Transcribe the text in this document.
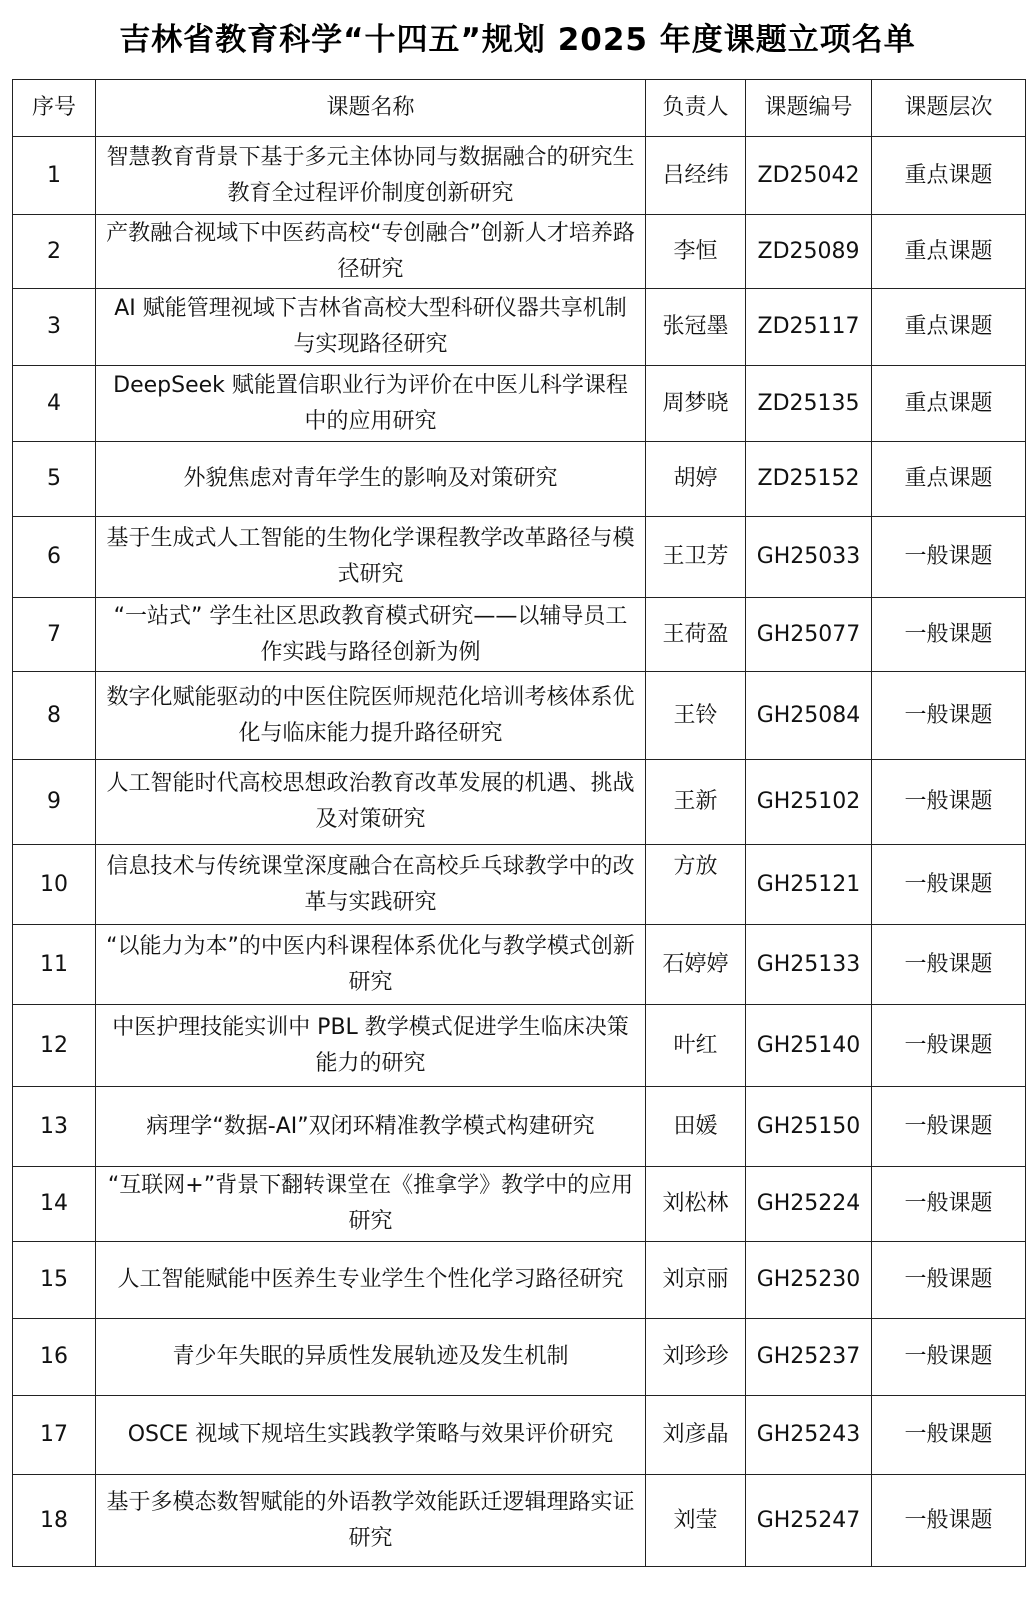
吉林省教育科学“十四五”规划 2025 年度课题立项名单
序号	课题名称	负责人	课题编号	课题层次
1	智慧教育背景下基于多元主体协同与数据融合的研究生教育全过程评价制度创新研究	吕经纬	ZD25042	重点课题
2	产教融合视域下中医药高校“专创融合”创新人才培养路径研究	李恒	ZD25089	重点课题
3	AI 赋能管理视域下吉林省高校大型科研仪器共享机制与实现路径研究	张冠墨	ZD25117	重点课题
4	DeepSeek 赋能置信职业行为评价在中医儿科学课程中的应用研究	周梦晓	ZD25135	重点课题
5	外貌焦虑对青年学生的影响及对策研究	胡婷	ZD25152	重点课题
6	基于生成式人工智能的生物化学课程教学改革路径与模式研究	王卫芳	GH25033	一般课题
7	“一站式” 学生社区思政教育模式研究——以辅导员工作实践与路径创新为例	王荷盈	GH25077	一般课题
8	数字化赋能驱动的中医住院医师规范化培训考核体系优化与临床能力提升路径研究	王铃	GH25084	一般课题
9	人工智能时代高校思想政治教育改革发展的机遇、挑战及对策研究	王新	GH25102	一般课题
10	信息技术与传统课堂深度融合在高校乒乓球教学中的改革与实践研究	方放	GH25121	一般课题
11	“以能力为本”的中医内科课程体系优化与教学模式创新研究	石婷婷	GH25133	一般课题
12	中医护理技能实训中 PBL 教学模式促进学生临床决策能力的研究	叶红	GH25140	一般课题
13	病理学“数据-AI”双闭环精准教学模式构建研究	田媛	GH25150	一般课题
14	“互联网+”背景下翻转课堂在《推拿学》教学中的应用研究	刘松林	GH25224	一般课题
15	人工智能赋能中医养生专业学生个性化学习路径研究	刘京丽	GH25230	一般课题
16	青少年失眠的异质性发展轨迹及发生机制	刘珍珍	GH25237	一般课题
17	OSCE 视域下规培生实践教学策略与效果评价研究	刘彦晶	GH25243	一般课题
18	基于多模态数智赋能的外语教学效能跃迁逻辑理路实证研究	刘莹	GH25247	一般课题
